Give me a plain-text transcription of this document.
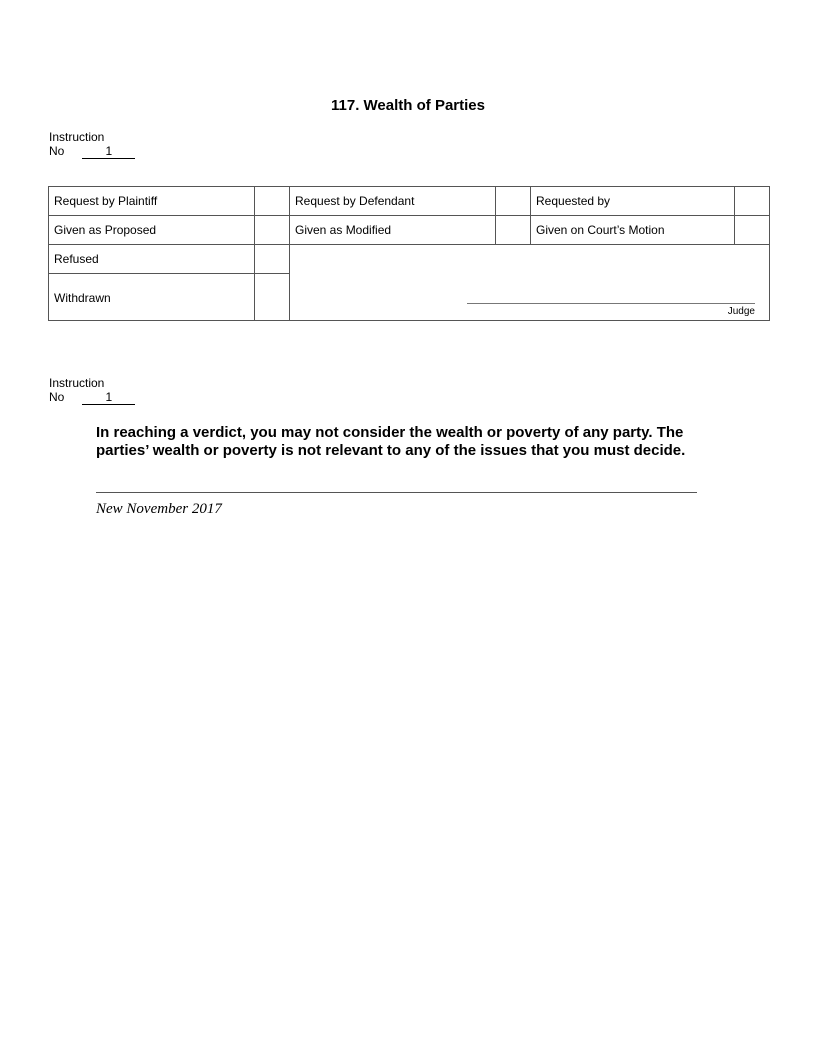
117. Wealth of Parties
Instruction
No	1
Request by Plaintiff		Request by Defendant		Requested by	
Given as Proposed		Given as Modified		Given on Court’s Motion	
Refused		Judge			

Withdrawn					
Instruction
No	1
In reaching a verdict, you may not consider the wealth or poverty of any party. The parties’ wealth or poverty is not relevant to any of the issues that you must decide.
New November 2017
